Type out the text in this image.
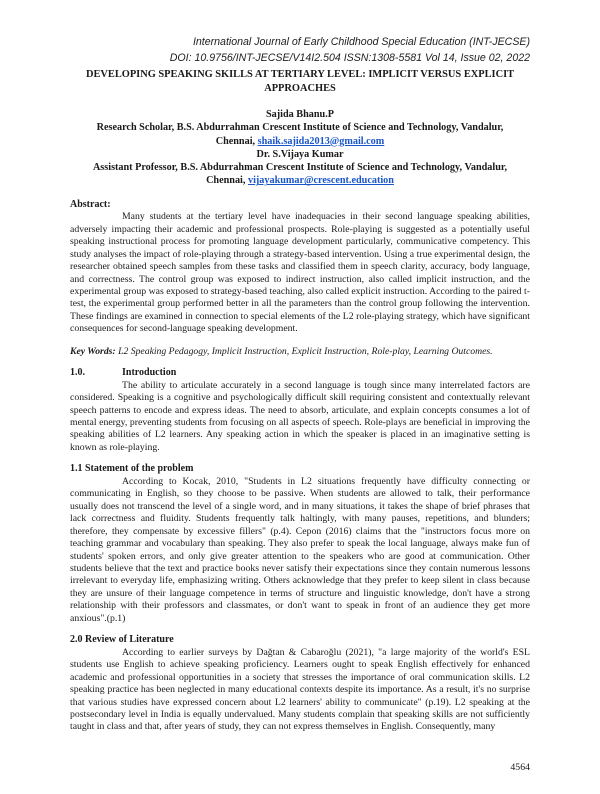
International Journal of Early Childhood Special Education (INT-JECSE)
DOI: 10.9756/INT-JECSE/V14I2.504 ISSN:1308-5581 Vol 14, Issue 02, 2022
DEVELOPING SPEAKING SKILLS AT TERTIARY LEVEL: IMPLICIT VERSUS EXPLICIT
APPROACHES
Sajida Bhanu.P
Research Scholar, B.S. Abdurrahman Crescent Institute of Science and Technology, Vandalur,
Chennai, shaik.sajida2013@gmail.com
Dr. S.Vijaya Kumar
Assistant Professor, B.S. Abdurrahman Crescent Institute of Science and Technology, Vandalur,
Chennai, vijayakumar@crescent.education
Abstract:

Many students at the tertiary level have inadequacies in their second language speaking abilities, adversely impacting their academic and professional prospects. Role-playing is suggested as a potentially useful speaking instructional process for promoting language development particularly, communicative competency. This study analyses the impact of role-playing through a strategy-based intervention. Using a true experimental design, the researcher obtained speech samples from these tasks and classified them in speech clarity, accuracy, body language, and correctness. The control group was exposed to indirect instruction, also called implicit instruction, and the experimental group was exposed to strategy-based teaching, also called explicit instruction. According to the paired t-test, the experimental group performed better in all the parameters than the control group following the intervention. These findings are examined in connection to special elements of the L2 role-playing strategy, which have significant consequences for second-language speaking development.

Key Words: L2 Speaking Pedagogy, Implicit Instruction, Explicit Instruction, Role-play, Learning Outcomes.
1.0.	Introduction

The ability to articulate accurately in a second language is tough since many interrelated factors are considered. Speaking is a cognitive and psychologically difficult skill requiring consistent and contextually relevant speech patterns to encode and express ideas. The need to absorb, articulate, and explain concepts consumes a lot of mental energy, preventing students from focusing on all aspects of speech. Role-plays are beneficial in improving the speaking abilities of L2 learners. Any speaking action in which the speaker is placed in an imaginative setting is known as role-playing.

1.1 Statement of the problem

According to Kocak, 2010, "Students in L2 situations frequently have difficulty connecting or communicating in English, so they choose to be passive. When students are allowed to talk, their performance usually does not transcend the level of a single word, and in many situations, it takes the shape of brief phrases that lack correctness and fluidity. Students frequently talk haltingly, with many pauses, repetitions, and blunders; therefore, they compensate by excessive fillers" (p.4). Cepon (2016) claims that the "instructors focus more on teaching grammar and vocabulary than speaking. They also prefer to speak the local language, always make fun of students' spoken errors, and only give greater attention to the speakers who are good at communication. Other students believe that the text and practice books never satisfy their expectations since they contain numerous lessons irrelevant to everyday life, emphasizing writing. Others acknowledge that they prefer to keep silent in class because they are unsure of their language competence in terms of structure and linguistic knowledge, don't have a strong relationship with their professors and classmates, or don't want to speak in front of an audience they get more anxious".(p.1)

2.0 Review of Literature

According to earlier surveys by Dağtan & Cabaroğlu (2021), "a large majority of the world's ESL students use English to achieve speaking proficiency. Learners ought to speak English effectively for enhanced academic and professional opportunities in a society that stresses the importance of oral communication skills. L2 speaking practice has been neglected in many educational contexts despite its importance. As a result, it's no surprise that various studies have expressed concern about L2 learners' ability to communicate" (p.19). L2 speaking at the postsecondary level in India is equally undervalued. Many students complain that speaking skills are not sufficiently taught in class and that, after years of study, they can not express themselves in English. Consequently, many

4564
